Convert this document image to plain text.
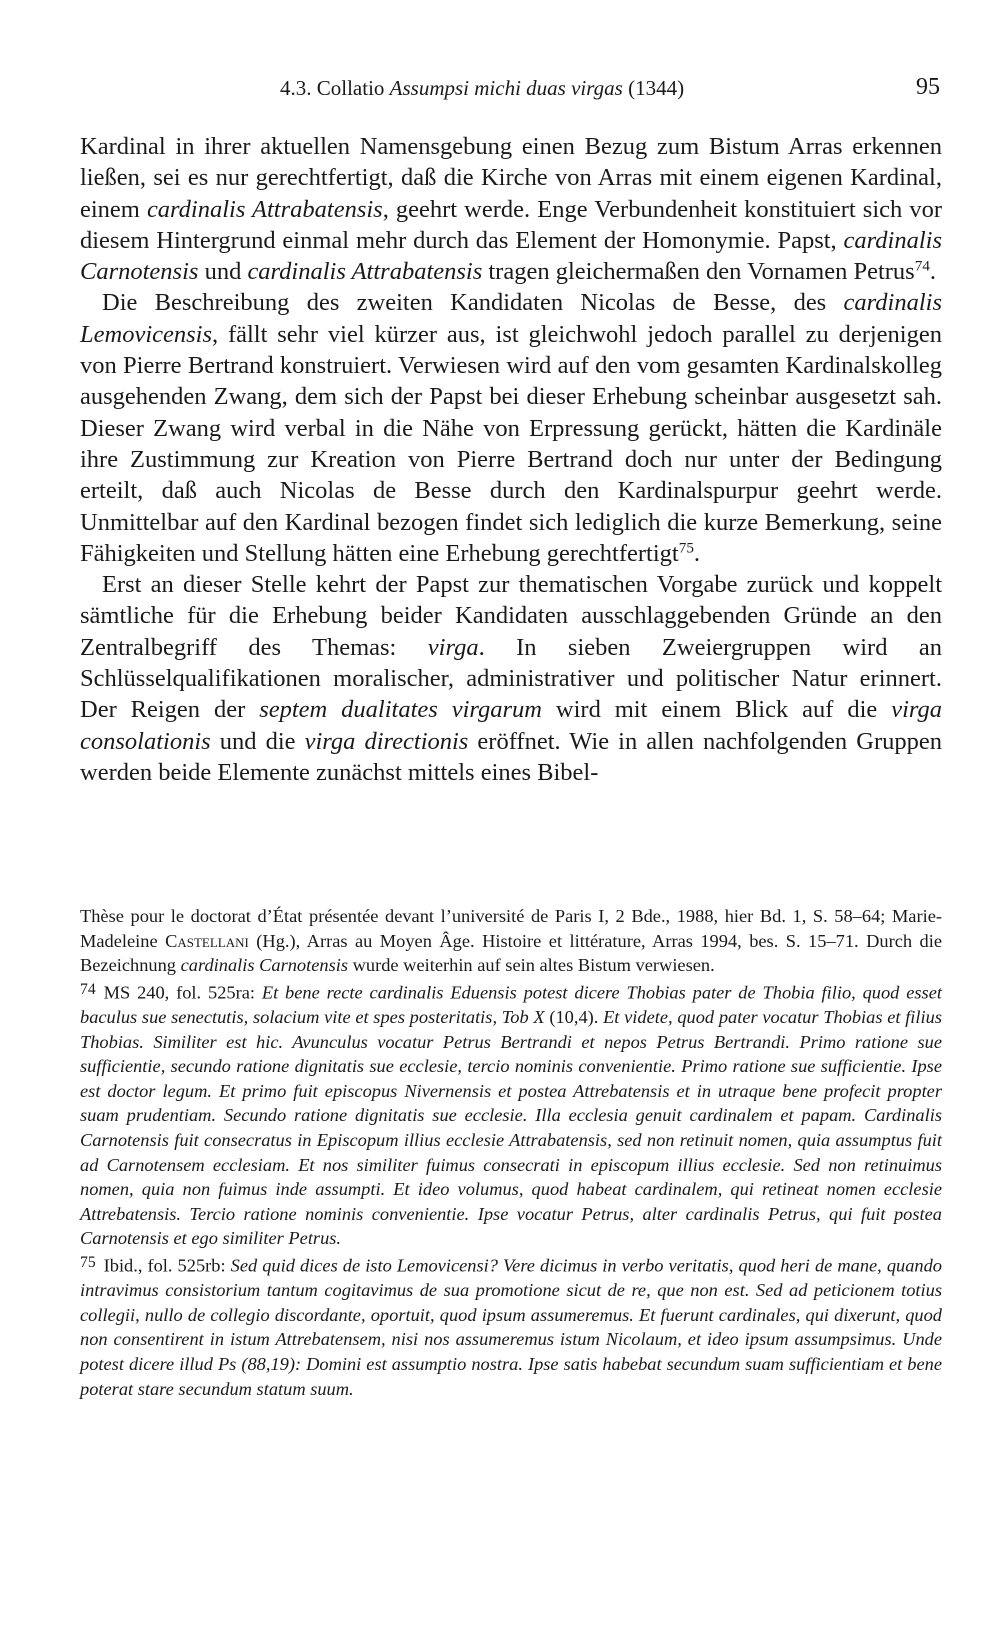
4.3. Collatio Assumpsi michi duas virgas (1344)	95

Kardinal in ihrer aktuellen Namensgebung einen Bezug zum Bistum Arras erkennen ließen, sei es nur gerechtfertigt, daß die Kirche von Arras mit einem eigenen Kardinal, einem cardinalis Attrabatensis, geehrt werde. Enge Verbundenheit konstituiert sich vor diesem Hintergrund einmal mehr durch das Element der Homonymie. Papst, cardinalis Carnotensis und cardinalis Attrabatensis tragen gleichermaßen den Vornamen Petrus$^{74}$.

Die Beschreibung des zweiten Kandidaten Nicolas de Besse, des cardinalis Lemovicensis, fällt sehr viel kürzer aus, ist gleichwohl jedoch parallel zu derjenigen von Pierre Bertrand konstruiert. Verwiesen wird auf den vom gesamten Kardinalskolleg ausgehenden Zwang, dem sich der Papst bei dieser Erhebung scheinbar ausgesetzt sah. Dieser Zwang wird verbal in die Nähe von Erpressung gerückt, hätten die Kardinäle ihre Zustimmung zur Kreation von Pierre Bertrand doch nur unter der Bedingung erteilt, daß auch Nicolas de Besse durch den Kardinalspurpur geehrt werde. Unmittelbar auf den Kardinal bezogen findet sich lediglich die kurze Bemerkung, seine Fähigkeiten und Stellung hätten eine Erhebung gerechtfertigt$^{75}$.

Erst an dieser Stelle kehrt der Papst zur thematischen Vorgabe zurück und koppelt sämtliche für die Erhebung beider Kandidaten ausschlaggebenden Gründe an den Zentralbegriff des Themas: virga. In sieben Zweiergruppen wird an Schlüsselqualifikationen moralischer, administrativer und politischer Natur erinnert. Der Reigen der septem dualitates virgarum wird mit einem Blick auf die virga consolationis und die virga directionis eröffnet. Wie in allen nachfolgenden Gruppen werden beide Elemente zunächst mittels eines Bibel-

Thèse pour le doctorat d’État présentée devant l’université de Paris I, 2 Bde., 1988, hier Bd. 1, S. 58–64; Marie-Madeleine Castellani (Hg.), Arras au Moyen Âge. Histoire et littérature, Arras 1994, bes. S. 15–71. Durch die Bezeichnung cardinalis Carnotensis wurde weiterhin auf sein altes Bistum verwiesen.

74 MS 240, fol. 525ra: Et bene recte cardinalis Eduensis potest dicere Thobias pater de Thobia filio, quod esset baculus sue senectutis, solacium vite et spes posteritatis, Tob X (10,4). Et videte, quod pater vocatur Thobias et filius Thobias. Similiter est hic. Avunculus vocatur Petrus Bertrandi et nepos Petrus Bertrandi. Primo ratione sue sufficientie, secundo ratione dignitatis sue ecclesie, tercio nominis convenientie. Primo ratione sue sufficientie. Ipse est doctor legum. Et primo fuit episcopus Nivernensis et postea Attrebatensis et in utraque bene profecit propter suam prudentiam. Secundo ratione dignitatis sue ecclesie. Illa ecclesia genuit cardinalem et papam. Cardinalis Carnotensis fuit consecratus in Episcopum illius ecclesie Attrabatensis, sed non retinuit nomen, quia assumptus fuit ad Carnotensem ecclesiam. Et nos similiter fuimus consecrati in episcopum illius ecclesie. Sed non retinuimus nomen, quia non fuimus inde assumpti. Et ideo volumus, quod habeat cardinalem, qui retineat nomen ecclesie Attrebatensis. Tercio ratione nominis convenientie. Ipse vocatur Petrus, alter cardinalis Petrus, qui fuit postea Carnotensis et ego similiter Petrus.

75 Ibid., fol. 525rb: Sed quid dices de isto Lemovicensi? Vere dicimus in verbo veritatis, quod heri de mane, quando intravimus consistorium tantum cogitavimus de sua promotione sicut de re, que non est. Sed ad peticionem totius collegii, nullo de collegio discordante, oportuit, quod ipsum assumeremus. Et fuerunt cardinales, qui dixerunt, quod non consentirent in istum Attrebatensem, nisi nos assumeremus istum Nicolaum, et ideo ipsum assumpsimus. Unde potest dicere illud Ps (88,19): Domini est assumptio nostra. Ipse satis habebat secundum suam sufficientiam et bene poterat stare secundum statum suum.
